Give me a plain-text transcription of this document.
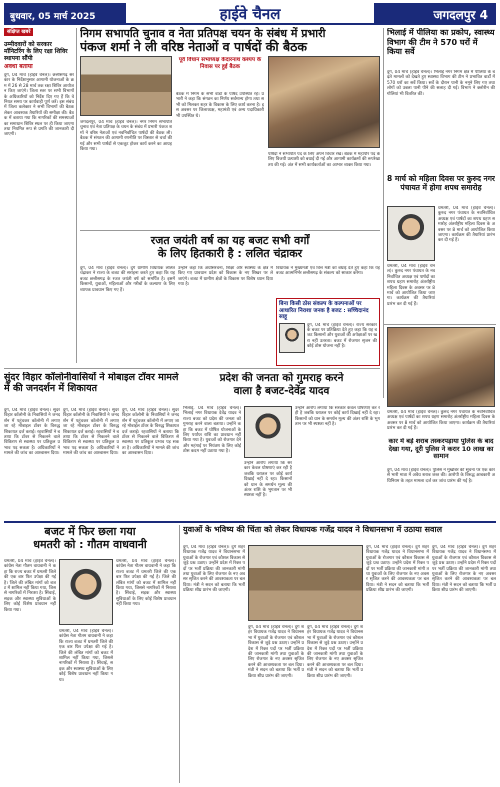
बुधवार, 05 मार्च 2025	हाईवे चैनल	जगदलपुर 4
संक्षिप्त खबरें
उम्मीदवारों को सरकार मॉनिटरिंग के लिए रक्षा शिविर स्थापना सौंपी
अवधा बताया
दुर्ग, 04 मार्च (हाईवे चैनल)। छत्तीसगढ़ सरकार के निर्देशानुसार आगामी योजनाओं के क्रम में 26 से 28 मार्च तक रक्षा शिविर आयोजन किए जाएंगे। जिला स्तर पर सभी विभागों के अधिकारियों को निर्देश दिए गए हैं कि वे नियत समय पर कार्यवाही पूर्ण करें। इस संबंध में जिला कलेक्टर ने सभी विभागों की बैठक लेकर आवश्यक तैयारियों की समीक्षा की। बैठक में बताया गया कि नागरिकों की समस्याओं का समाधान शिविर स्थल पर ही किया जाएगा तथा नियमित रूप से प्रगति की जानकारी दी जाएगी।
निगम सभापति चुनाव व नेता प्रतिपक्ष चयन के संबंध में प्रभारी
पंकज शर्मा ने ली वरिष्ठ नेताओं व पार्षदों की बैठक
पूर्व विधान सभाध्यक्ष केदारनाथ कश्यप के निवास पर हुई बैठक
बैठक में निगम के सभी वार्डों के पार्षद उपस्थित रहे। प्रभारी ने कहा कि संगठन का निर्णय सर्वमान्य होगा तथा सभी को मिलकर शहर के विकास के लिए कार्य करना है। इस अवसर पर जिलाध्यक्ष, महामंत्री एवं अन्य पदाधिकारी भी उपस्थित थे।
जगदलपुर, 04 मार्च (हाईवे चैनल)। नगर निगम सभापति चुनाव एवं नेता प्रतिपक्ष के चयन के संबंध में प्रभारी पंकज शर्मा ने वरिष्ठ नेताओं एवं नवनिर्वाचित पार्षदों की बैठक ली। बैठक में संगठन की आगामी रणनीति पर विस्तार से चर्चा की गई और सभी पार्षदों से एकजुट होकर कार्य करने का आग्रह किया गया।
पार्षदों ने सभापति पद के लिए अपने विचार रखे। बैठक में महापौर पद के लिए विजयी प्रत्याशी को बधाई दी गई और आगामी कार्यक्रमों की रूपरेखा तय की गई। अंत में सभी कार्यकर्ताओं का आभार व्यक्त किया गया।
भिलाई में पीलिया का प्रकोप, स्वास्थ्य विभाग की टीम ने 570 घरों में किया सर्वे
दुर्ग, 04 मार्च (हाईवे चैनल)। भिलाई नगर निगम क्षेत्र में पीलिया के बढ़ते मामलों को देखते हुए स्वास्थ्य विभाग की टीम ने प्रभावित वार्डों में 570 घरों का सर्वे किया। सर्वे के दौरान पानी के नमूने लिए गए तथा लोगों को उबला पानी पीने की सलाह दी गई। विभाग ने क्लोरीन की गोलियां भी वितरित कीं।
8 मार्च को महिला दिवस पर कुरुद नगर पंचायत में होगा शपथ समारोह
धमतरी, 04 मार्च (हाईवे चैनल)। कुरुद नगर पंचायत के नवनिर्वाचित अध्यक्ष एवं पार्षदों का शपथ ग्रहण समारोह अंतर्राष्ट्रीय महिला दिवस के अवसर पर 8 मार्च को आयोजित किया जाएगा। कार्यक्रम की तैयारियां प्रारंभ कर दी गई हैं।
धमतरी, 04 मार्च (हाईवे चैनल)। कुरुद नगर पंचायत के नवनिर्वाचित अध्यक्ष एवं पार्षदों का शपथ ग्रहण समारोह अंतर्राष्ट्रीय महिला दिवस के अवसर पर 8 मार्च को आयोजित किया जाएगा। कार्यक्रम की तैयारियां प्रारंभ कर दी गई हैं।
रजत जयंती वर्ष का यह बजट सभी वर्गों
के लिए हितकारी है : ललित चंद्राकर
दुर्ग, 04 मार्च (हाईवे चैनल)। दुर्ग ग्रामीण विधायक ललित चंद्राकर ने राज्य के बजट की सराहना करते हुए कहा कि यह बजट छत्तीसगढ़ के रजत जयंती वर्ष को समर्पित है। इसमें किसानों, युवाओं, महिलाओं और गरीबों के कल्याण के लिए व्यापक प्रावधान किए गए हैं।
उन्होंने कहा कि अधोसंरचना, शिक्षा और स्वास्थ्य के क्षेत्र में किए गए प्रावधान प्रदेश को विकास के नए शिखर पर ले जाएंगे। बजट में ग्रामीण क्षेत्रों के विकास पर विशेष ध्यान दिया गया है।
विधायक ने मुख्यमंत्री एवं वित्त मंत्री को बधाई देते हुए कहा कि यह बजट आत्मनिर्भर छत्तीसगढ़ के संकल्प को साकार करेगा।
बिना किसी ठोस संकल्प के कल्पनाओं पर आधारित निराशा जनक है बजट : सच्चिदानंद साहू
दुर्ग, 04 मार्च (हाईवे चैनल)। राज्य सरकार के बजट पर प्रतिक्रिया देते हुए कहा कि यह बजट किसानों और युवाओं की अपेक्षाओं पर खरा नहीं उतरता। बजट में रोजगार सृजन की कोई ठोस योजना नहीं है।
सुंदर विहार कॉलोनीवासियों ने मोबाइल टॉवर मामले में की जनदर्शन में शिकायत
दुर्ग, 04 मार्च (हाईवे चैनल)। सुंदर विहार कॉलोनी के निवासियों ने जनदर्शन में पहुंचकर कॉलोनी में लगाए जा रहे मोबाइल टॉवर के विरुद्ध शिकायत दर्ज कराई। रहवासियों ने बताया कि टॉवर से निकलने वाले विकिरण से स्वास्थ्य पर प्रतिकूल प्रभाव पड़ सकता है। अधिकारियों ने मामले की जांच का आश्वासन दिया।
दुर्ग, 04 मार्च (हाईवे चैनल)। सुंदर विहार कॉलोनी के निवासियों ने जनदर्शन में पहुंचकर कॉलोनी में लगाए जा रहे मोबाइल टॉवर के विरुद्ध शिकायत दर्ज कराई। रहवासियों ने बताया कि टॉवर से निकलने वाले विकिरण से स्वास्थ्य पर प्रतिकूल प्रभाव पड़ सकता है। अधिकारियों ने मामले की जांच का आश्वासन दिया।
दुर्ग, 04 मार्च (हाईवे चैनल)। सुंदर विहार कॉलोनी के निवासियों ने जनदर्शन में पहुंचकर कॉलोनी में लगाए जा रहे मोबाइल टॉवर के विरुद्ध शिकायत दर्ज कराई। रहवासियों ने बताया कि टॉवर से निकलने वाले विकिरण से स्वास्थ्य पर प्रतिकूल प्रभाव पड़ सकता है। अधिकारियों ने मामले की जांच का आश्वासन दिया।
प्रदेश की जनता को गुमराह करने
वाला है बजट-देवेंद्र यादव
भिलाई, 04 मार्च (हाईवे चैनल)। भिलाई नगर विधायक देवेंद्र यादव ने राज्य बजट को प्रदेश की जनता को गुमराह करने वाला बताया। उन्होंने कहा कि बजट में घोषित योजनाओं के लिए पर्याप्त राशि का प्रावधान नहीं किया गया है। युवाओं को रोजगार देने और महंगाई पर नियंत्रण के लिए कोई ठोस कदम नहीं उठाया गया है।
उन्होंने आरोप लगाया कि सरकार केवल घोषणाएं कर रही है जबकि धरातल पर कोई कार्य दिखाई नहीं दे रहा। किसानों को धान के समर्थन मूल्य की अंतर राशि के भुगतान पर भी स्पष्टता नहीं है।
उन्होंने आरोप लगाया कि सरकार केवल घोषणाएं कर रही है जबकि धरातल पर कोई कार्य दिखाई नहीं दे रहा। किसानों को धान के समर्थन मूल्य की अंतर राशि के भुगतान पर भी स्पष्टता नहीं है।
धमतरी, 04 मार्च (हाईवे चैनल)। कुरुद नगर पंचायत के नवनिर्वाचित अध्यक्ष एवं पार्षदों का शपथ ग्रहण समारोह अंतर्राष्ट्रीय महिला दिवस के अवसर पर 8 मार्च को आयोजित किया जाएगा। कार्यक्रम की तैयारियां प्रारंभ कर दी गई हैं।
कार में बड़े शराब तस्करपड़ाया पुलिस के बाद देखा गया, दूरी पुलिस ने करार 10 लाख का सामान
दुर्ग, 04 मार्च (हाईवे चैनल)। पुलिस ने मुखबिर की सूचना पर एक कार से भारी मात्रा में अवैध शराब जब्त की। आरोपी के विरुद्ध आबकारी अधिनियम के तहत मामला दर्ज कर जांच प्रारंभ की गई है।
बजट में फिर छला गया
धमतरी को : गौतम वाधवानी
धमतरी, 04 मार्च (हाईवे चैनल)। कांग्रेस नेता गौतम वाधवानी ने कहा कि राज्य बजट में धमतरी जिले की एक बार फिर उपेक्षा की गई है। जिले की लंबित मांगों को बजट में शामिल नहीं किया गया, जिससे नागरिकों में निराशा है। सिंचाई, सड़क और स्वास्थ्य सुविधाओं के लिए कोई विशेष प्रावधान नहीं किया गया।
धमतरी, 04 मार्च (हाईवे चैनल)। कांग्रेस नेता गौतम वाधवानी ने कहा कि राज्य बजट में धमतरी जिले की एक बार फिर उपेक्षा की गई है। जिले की लंबित मांगों को बजट में शामिल नहीं किया गया, जिससे नागरिकों में निराशा है। सिंचाई, सड़क और स्वास्थ्य सुविधाओं के लिए कोई विशेष प्रावधान नहीं किया गया।
धमतरी, 04 मार्च (हाईवे चैनल)। कांग्रेस नेता गौतम वाधवानी ने कहा कि राज्य बजट में धमतरी जिले की एक बार फिर उपेक्षा की गई है। जिले की लंबित मांगों को बजट में शामिल नहीं किया गया, जिससे नागरिकों में निराशा है। सिंचाई, सड़क और स्वास्थ्य सुविधाओं के लिए कोई विशेष प्रावधान नहीं किया गया।
युवाओं के भविष्य की चिंता को लेकर विधायक गजेंद्र यादव ने विधानसभा में उठाया सवाल
दुर्ग, 04 मार्च (हाईवे चैनल)। दुर्ग शहर विधायक गजेंद्र यादव ने विधानसभा में युवाओं के रोजगार एवं कौशल विकास से जुड़े प्रश्न उठाए। उन्होंने प्रदेश में रिक्त पदों पर भर्ती प्रक्रिया की जानकारी मांगी तथा युवाओं के लिए रोजगार के नए अवसर सृजित करने की आवश्यकता पर बल दिया। मंत्री ने सदन को बताया कि भर्ती प्रक्रिया शीघ्र प्रारंभ की जाएगी।
दुर्ग, 04 मार्च (हाईवे चैनल)। दुर्ग शहर विधायक गजेंद्र यादव ने विधानसभा में युवाओं के रोजगार एवं कौशल विकास से जुड़े प्रश्न उठाए। उन्होंने प्रदेश में रिक्त पदों पर भर्ती प्रक्रिया की जानकारी मांगी तथा युवाओं के लिए रोजगार के नए अवसर सृजित करने की आवश्यकता पर बल दिया। मंत्री ने सदन को बताया कि भर्ती प्रक्रिया शीघ्र प्रारंभ की जाएगी।
दुर्ग, 04 मार्च (हाईवे चैनल)। दुर्ग शहर विधायक गजेंद्र यादव ने विधानसभा में युवाओं के रोजगार एवं कौशल विकास से जुड़े प्रश्न उठाए। उन्होंने प्रदेश में रिक्त पदों पर भर्ती प्रक्रिया की जानकारी मांगी तथा युवाओं के लिए रोजगार के नए अवसर सृजित करने की आवश्यकता पर बल दिया। मंत्री ने सदन को बताया कि भर्ती प्रक्रिया शीघ्र प्रारंभ की जाएगी।
दुर्ग, 04 मार्च (हाईवे चैनल)। दुर्ग शहर विधायक गजेंद्र यादव ने विधानसभा में युवाओं के रोजगार एवं कौशल विकास से जुड़े प्रश्न उठाए। उन्होंने प्रदेश में रिक्त पदों पर भर्ती प्रक्रिया की जानकारी मांगी तथा युवाओं के लिए रोजगार के नए अवसर सृजित करने की आवश्यकता पर बल दिया। मंत्री ने सदन को बताया कि भर्ती प्रक्रिया शीघ्र प्रारंभ की जाएगी।
दुर्ग, 04 मार्च (हाईवे चैनल)। दुर्ग शहर विधायक गजेंद्र यादव ने विधानसभा में युवाओं के रोजगार एवं कौशल विकास से जुड़े प्रश्न उठाए। उन्होंने प्रदेश में रिक्त पदों पर भर्ती प्रक्रिया की जानकारी मांगी तथा युवाओं के लिए रोजगार के नए अवसर सृजित करने की आवश्यकता पर बल दिया। मंत्री ने सदन को बताया कि भर्ती प्रक्रिया शीघ्र प्रारंभ की जाएगी।
